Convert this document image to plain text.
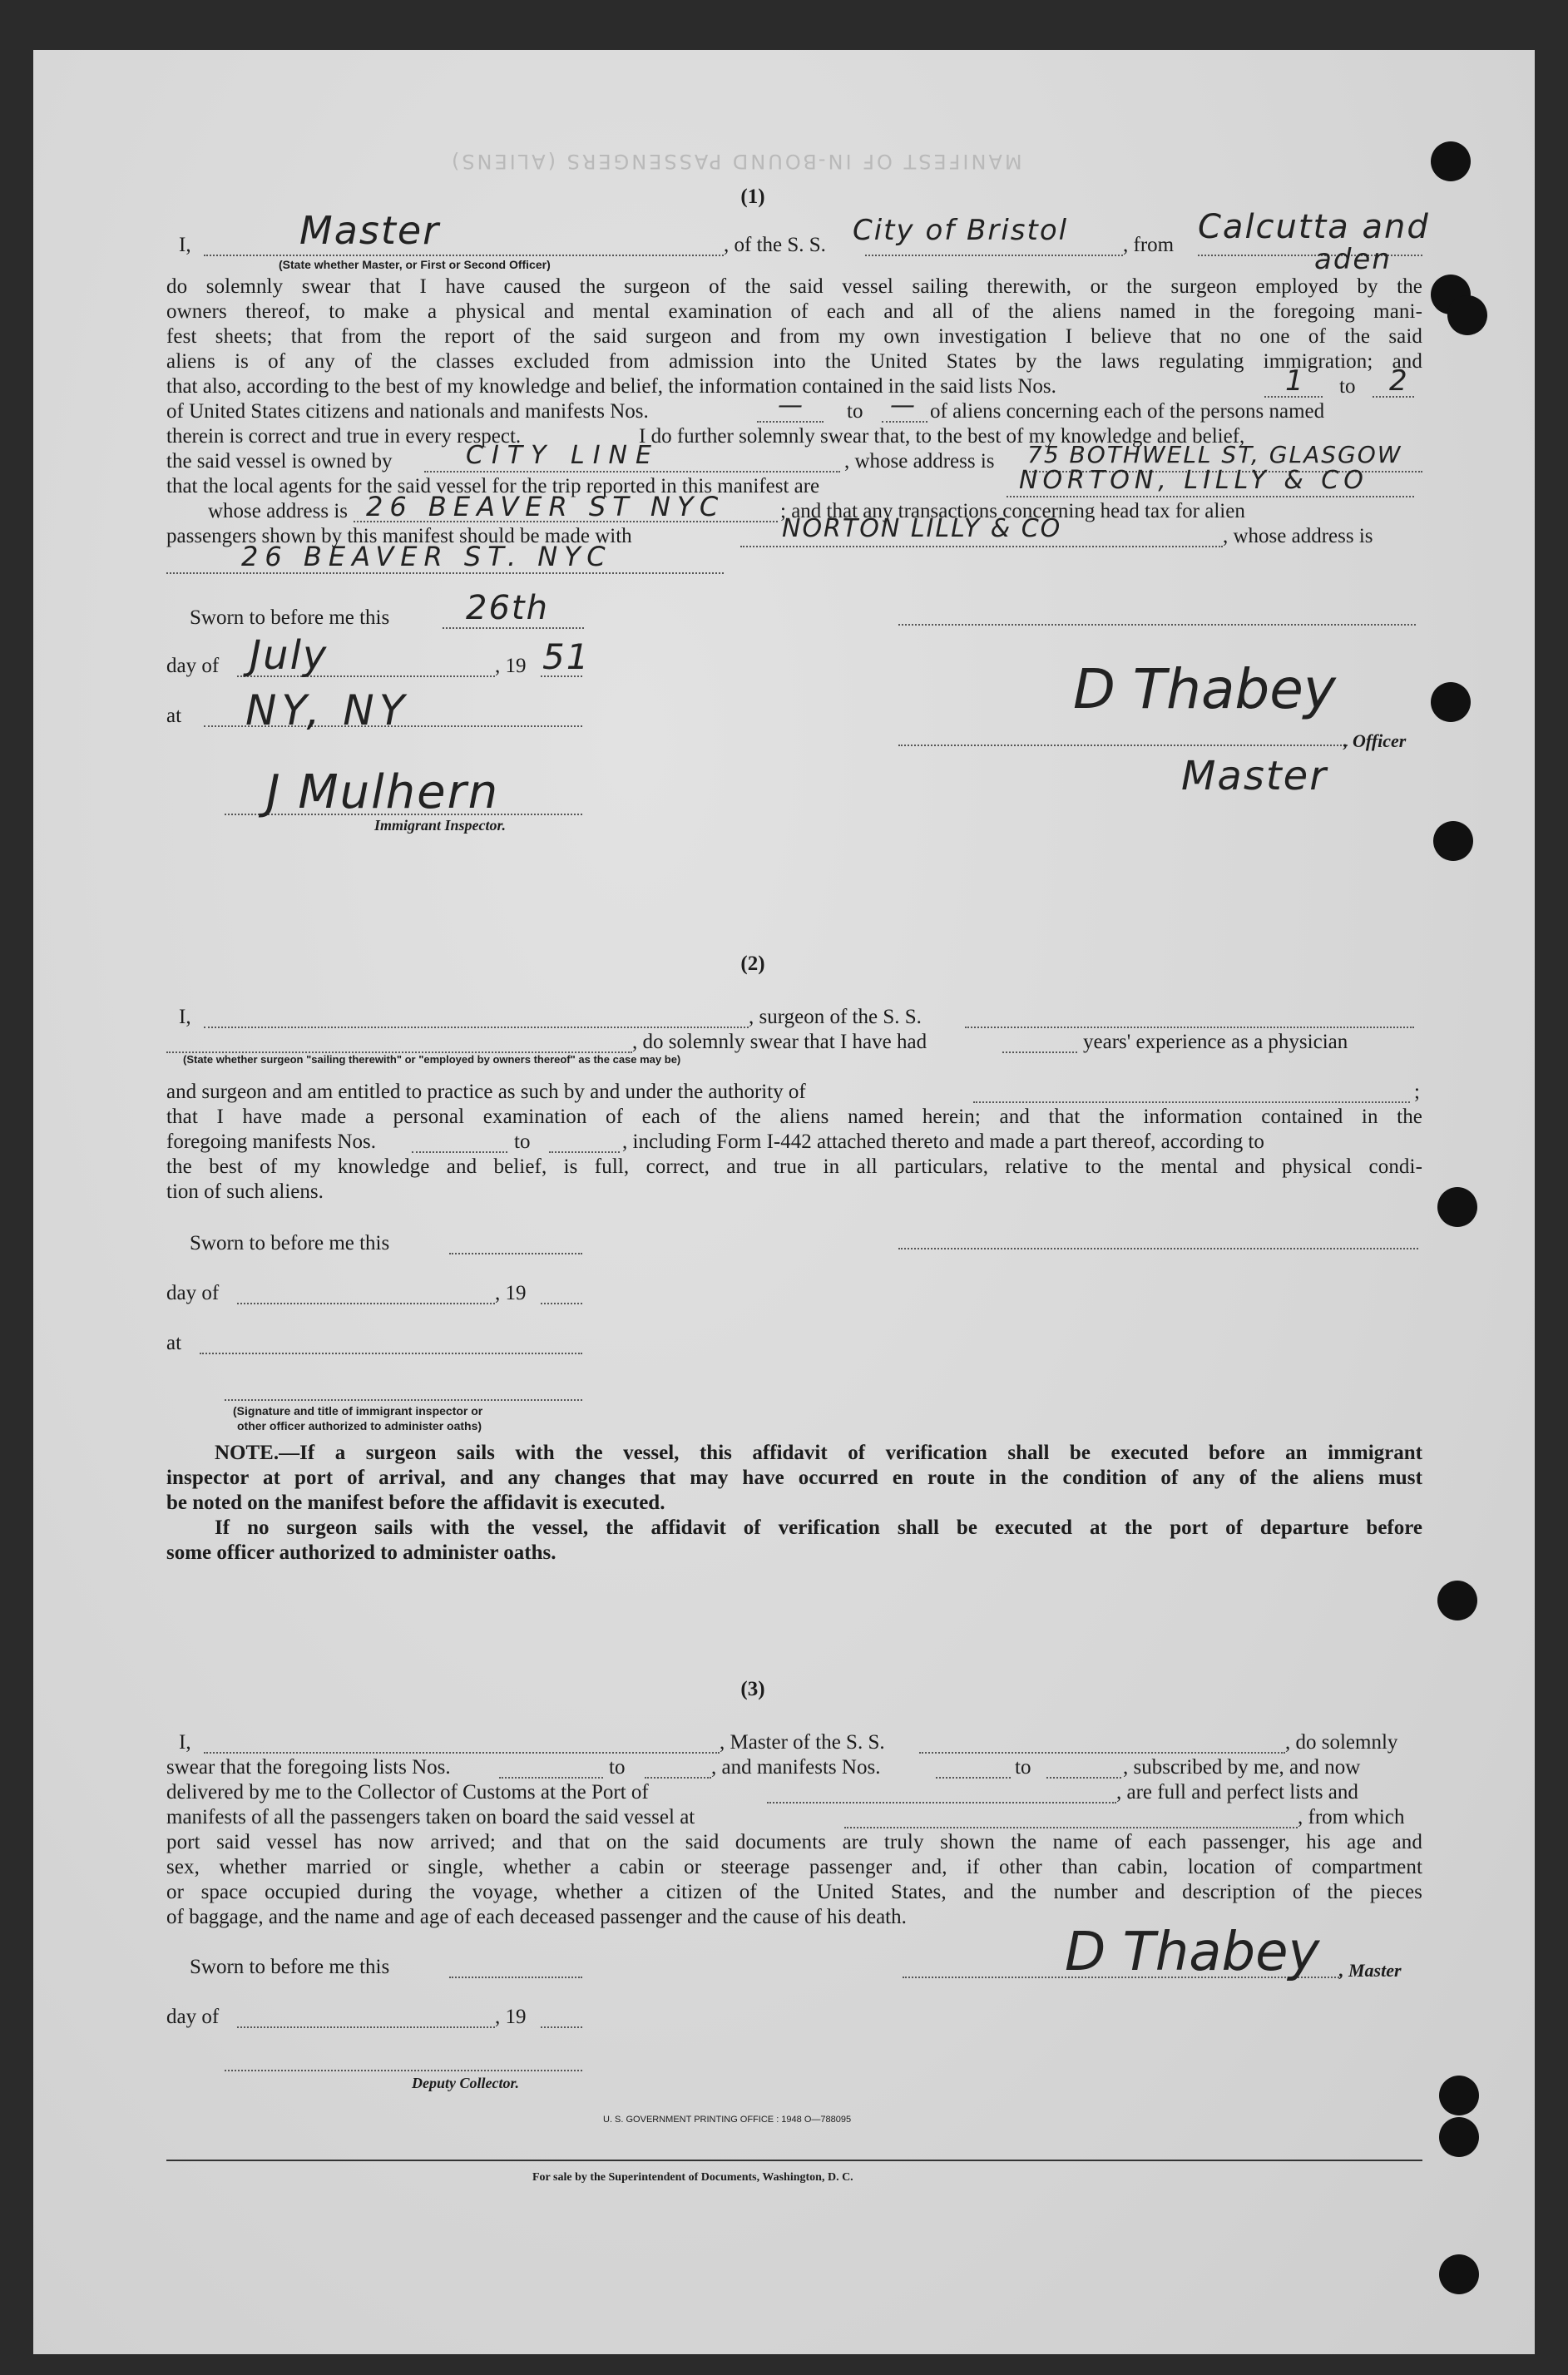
MANIFEST OF IN-BOUND PASSENGERS (ALIENS)
(1)
I,	Master
(State whether Master, or First or Second Officer)
, of the S. S. City of Bristol	, from Calcutta and
aden
do solemnly swear that I have caused the surgeon of the said vessel sailing therewith, or the surgeon employed by the
owners thereof, to make a physical and mental examination of each and all of the aliens named in the foregoing mani-
fest sheets; that from the report of the said surgeon and from my own investigation I believe that no one of the said
aliens is of any of the classes excluded from admission into the United States by the laws regulating immigration; and
that also, according to the best of my knowledge and belief, the information contained in the said lists Nos.	1 to 2
of United States citizens and nationals and manifests Nos.	— to — of aliens concerning each of the persons named
therein is correct and true in every respect.	I do further solemnly swear that, to the best of my knowledge and belief,
the said vessel is owned by	CITY LINE	, whose address is 75 BOTHWELL ST, GLASGOW
that the local agents for the said vessel for the trip reported in this manifest are	NORTON, LILLY & CO
whose address is 26 BEAVER ST NYC	; and that any transactions concerning head tax for alien
passengers shown by this manifest should be made with	NORTON LILLY & CO	, whose address is
26 BEAVER ST. NYC
Sworn to before me this 26th
day of July	, 19 51
at NY, NY
J Mulhern
Immigrant Inspector.
D Thabey
, Officer
Master
(2)
I,	, surgeon of the S. S.
, do solemnly swear that I have had	years' experience as a physician
(State whether surgeon "sailing therewith" or "employed by owners thereof" as the case may be)
and surgeon and am entitled to practice as such by and under the authority of	;
that I have made a personal examination of each of the aliens named herein; and that the information contained in the
foregoing manifests Nos.	to	, including Form I-442 attached thereto and made a part thereof, according to
the best of my knowledge and belief, is full, correct, and true in all particulars, relative to the mental and physical condi-
tion of such aliens.
Sworn to before me this
day of	, 19
at
(Signature and title of immigrant inspector or
other officer authorized to administer oaths)
NOTE.—If a surgeon sails with the vessel, this affidavit of verification shall be executed before an immigrant
inspector at port of arrival, and any changes that may have occurred en route in the condition of any of the aliens must
be noted on the manifest before the affidavit is executed.
If no surgeon sails with the vessel, the affidavit of verification shall be executed at the port of departure before
some officer authorized to administer oaths.
(3)
I,	, Master of the S. S.	, do solemnly
swear that the foregoing lists Nos.	to	, and manifests Nos.	to	, subscribed by me, and now
delivered by me to the Collector of Customs at the Port of	, are full and perfect lists and
manifests of all the passengers taken on board the said vessel at	, from which
port said vessel has now arrived; and that on the said documents are truly shown the name of each passenger, his age and
sex, whether married or single, whether a cabin or steerage passenger and, if other than cabin, location of compartment
or space occupied during the voyage, whether a citizen of the United States, and the number and description of the pieces
of baggage, and the name and age of each deceased passenger and the cause of his death.
Sworn to before me this	D Thabey , Master
day of	, 19
Deputy Collector.
U. S. GOVERNMENT PRINTING OFFICE : 1948 O—788095
For sale by the Superintendent of Documents, Washington, D. C.
